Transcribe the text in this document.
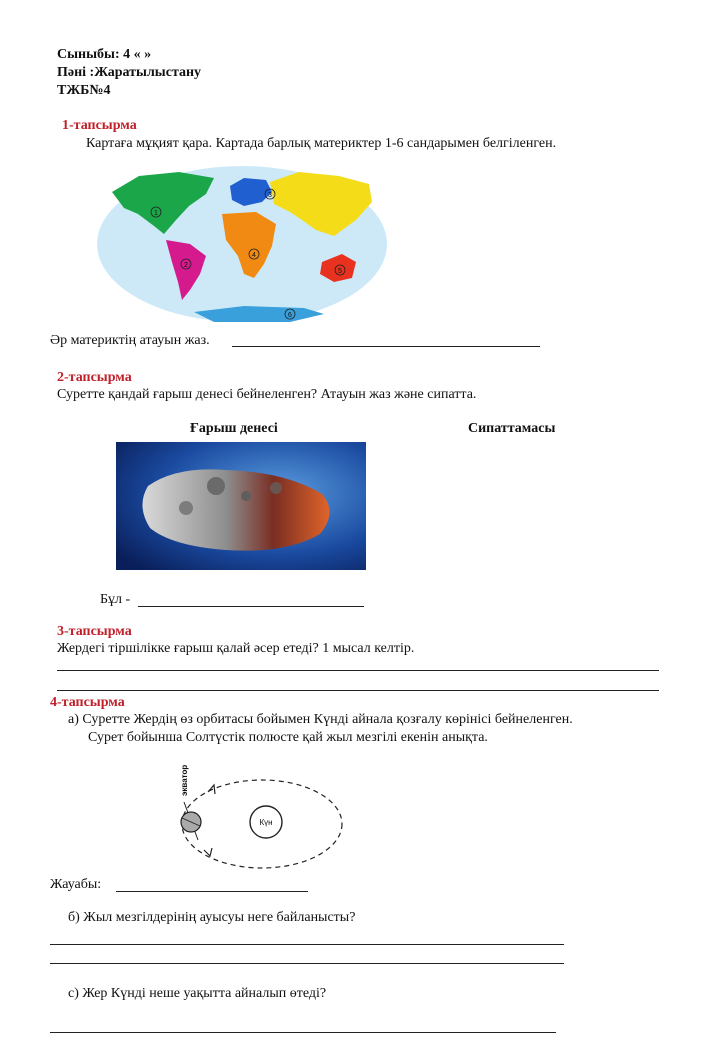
Сыныбы: 4 « »
Пәні :Жаратылыстану
ТЖБ№4
1-тапсырма
Картаға мұқият қара. Картада барлық материктер 1-6 сандарымен белгіленген.
1
2
3
4
5
6
Әр материктің атауын жаз.
2-тапсырма
Суретте қандай ғарыш денесі бейнеленген? Атауын жаз және сипатта.
Ғарыш денесі	Сипаттамасы
Бұл -
3-тапсырма
Жердегі тіршілікке ғарыш қалай әсер етеді? 1 мысал келтір.
4-тапсырма
а) Суретте Жердің өз орбитасы бойымен Күнді айнала қозғалу көрінісі бейнеленген.
Сурет бойынша Солтүстік полюсте қай жыл мезгілі екенін анықта.
Күн
экватор
Жауабы:
б) Жыл мезгілдерінің ауысуы неге байланысты?
с) Жер Күнді неше уақытта айналып өтеді?
